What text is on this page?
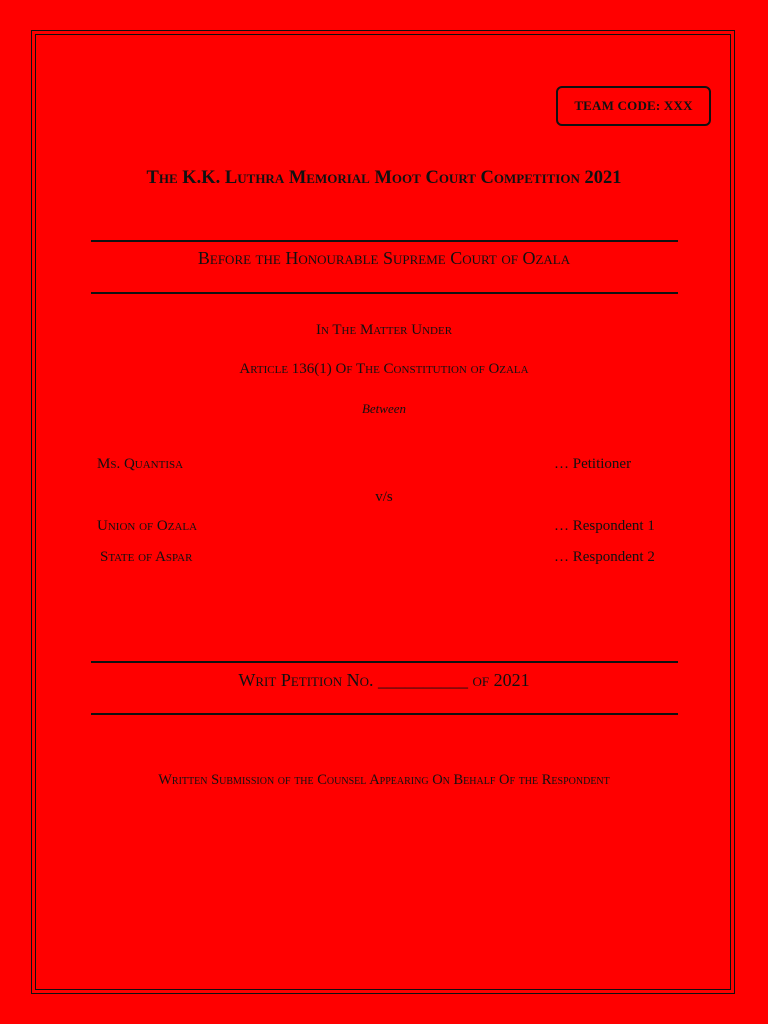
TEAM CODE: XXX
The K.K. Luthra Memorial Moot Court Competition 2021
Before the Honourable Supreme Court of Ozala
In The Matter Under
Article 136(1) Of The Constitution of Ozala
Between
Ms. Quantisa	… Petitioner
v/s
Union of Ozala	… Respondent 1
State of Aspar	… Respondent 2
Writ Petition No. __________ of 2021
Written Submission of the Counsel Appearing On Behalf Of the Respondent
